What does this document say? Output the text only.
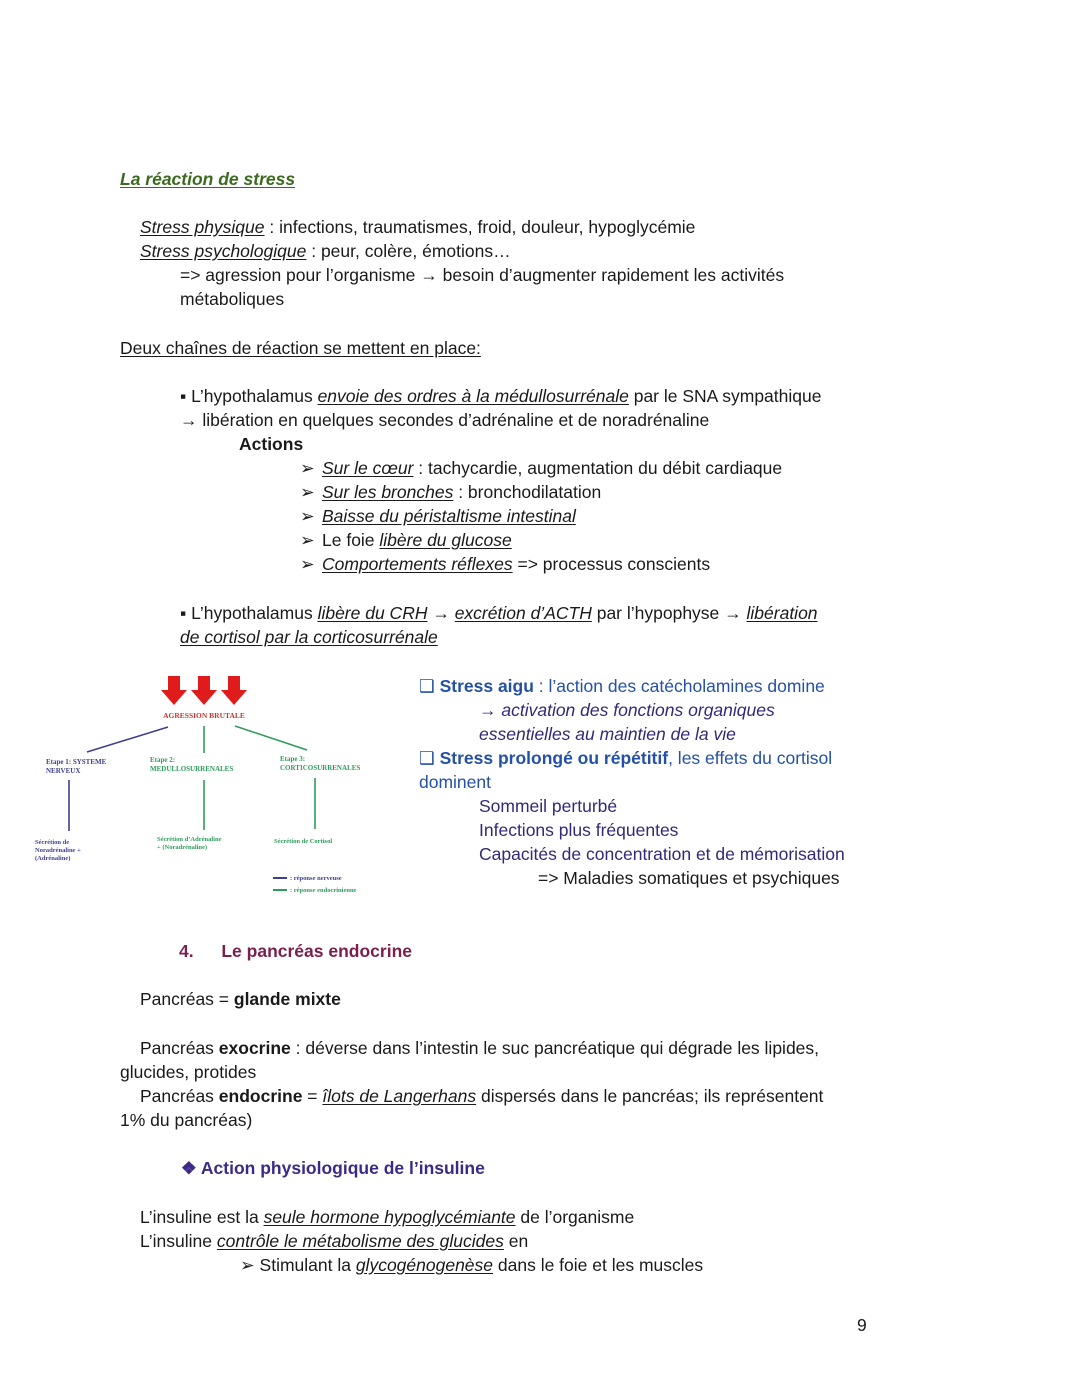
La réaction de stress
Stress physique : infections, traumatismes, froid, douleur, hypoglycémie
Stress psychologique : peur, colère, émotions…
=> agression pour l’organisme → besoin d’augmenter rapidement les activités
métaboliques
Deux chaînes de réaction se mettent en place:
▪ L’hypothalamus envoie des ordres à la médullosurrénale par le SNA sympathique
→ libération en quelques secondes d’adrénaline et de noradrénaline
Actions
➢ Sur le cœur : tachycardie, augmentation du débit cardiaque
➢ Sur les bronches : bronchodilatation
➢ Baisse du péristaltisme intestinal
➢ Le foie libère du glucose
➢ Comportements réflexes => processus conscients
▪ L’hypothalamus libère du CRH → excrétion d’ACTH par l’hypophyse → libération
de cortisol par la corticosurrénale
AGRESSION BRUTALE
Etape 1: SYSTEME
NERVEUX
Etape 2:
MEDULLOSURRENALES
Etape 3:
CORTICOSURRENALES
Sécrétion de
Noradrénaline +
(Adrénaline)
Sécrétion d’Adrénaline
+ (Noradrénaline)
Sécrétion de Cortisol
: réponse nerveuse
: réponse endocrinienne
❑ Stress aigu : l’action des catécholamines domine
→ activation des fonctions organiques
essentielles au maintien de la vie
❑ Stress prolongé ou répétitif, les effets du cortisol
dominent
Sommeil perturbé
Infections plus fréquentes
Capacités de concentration et de mémorisation
=> Maladies somatiques et psychiques
4. Le pancréas endocrine
Pancréas = glande mixte
Pancréas exocrine : déverse dans l’intestin le suc pancréatique qui dégrade les lipides,
glucides, protides
Pancréas endocrine = îlots de Langerhans dispersés dans le pancréas; ils représentent
1% du pancréas)
❖ Action physiologique de l’insuline
L’insuline est la seule hormone hypoglycémiante de l’organisme
L’insuline contrôle le métabolisme des glucides en
➢ Stimulant la glycogénogenèse dans le foie et les muscles
9
